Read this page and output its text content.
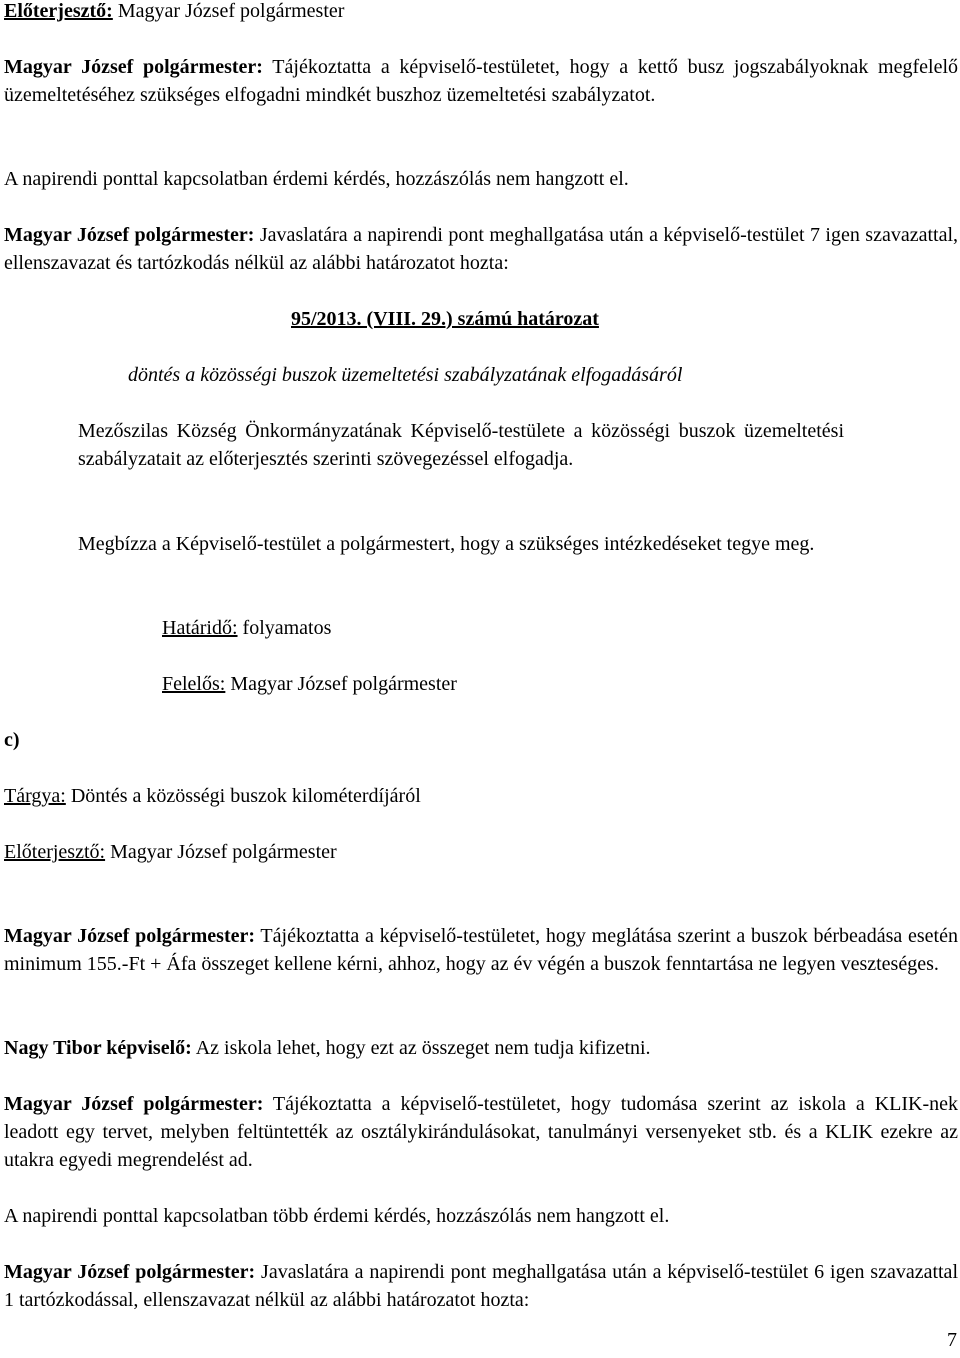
Előterjesztő: Magyar József polgármester

Magyar József polgármester: Tájékoztatta a képviselő-testületet, hogy a kettő busz jogszabályoknak megfelelő üzemeltetéséhez szükséges elfogadni mindkét buszhoz üzemeltetési szabályzatot.

A napirendi ponttal kapcsolatban érdemi kérdés, hozzászólás nem hangzott el.

Magyar József polgármester: Javaslatára a napirendi pont meghallgatása után a képviselő-testület 7 igen szavazattal, ellenszavazat és tartózkodás nélkül az alábbi határozatot hozta:

95/2013. (VIII. 29.) számú határozat

döntés a közösségi buszok üzemeltetési szabályzatának elfogadásáról

Mezőszilas Község Önkormányzatának Képviselő-testülete a közösségi buszok üzemeltetési szabályzatait az előterjesztés szerinti szövegezéssel elfogadja.

Megbízza a Képviselő-testület a polgármestert, hogy a szükséges intézkedéseket tegye meg.

Határidő: folyamatos

Felelős: Magyar József polgármester

c)

Tárgya: Döntés a közösségi buszok kilométerdíjáról

Előterjesztő: Magyar József polgármester

Magyar József polgármester: Tájékoztatta a képviselő-testületet, hogy meglátása szerint a buszok bérbeadása esetén minimum 155.-Ft + Áfa összeget kellene kérni, ahhoz, hogy az év végén a buszok fenntartása ne legyen veszteséges.

Nagy Tibor képviselő: Az iskola lehet, hogy ezt az összeget nem tudja kifizetni.

Magyar József polgármester: Tájékoztatta a képviselő-testületet, hogy tudomása szerint az iskola a KLIK-nek leadott egy tervet, melyben feltüntették az osztálykirándulásokat, tanulmányi versenyeket stb. és a KLIK ezekre az utakra egyedi megrendelést ad.

A napirendi ponttal kapcsolatban több érdemi kérdés, hozzászólás nem hangzott el.

Magyar József polgármester: Javaslatára a napirendi pont meghallgatása után a képviselő-testület 6 igen szavazattal 1 tartózkodással, ellenszavazat nélkül az alábbi határozatot hozta:

7
